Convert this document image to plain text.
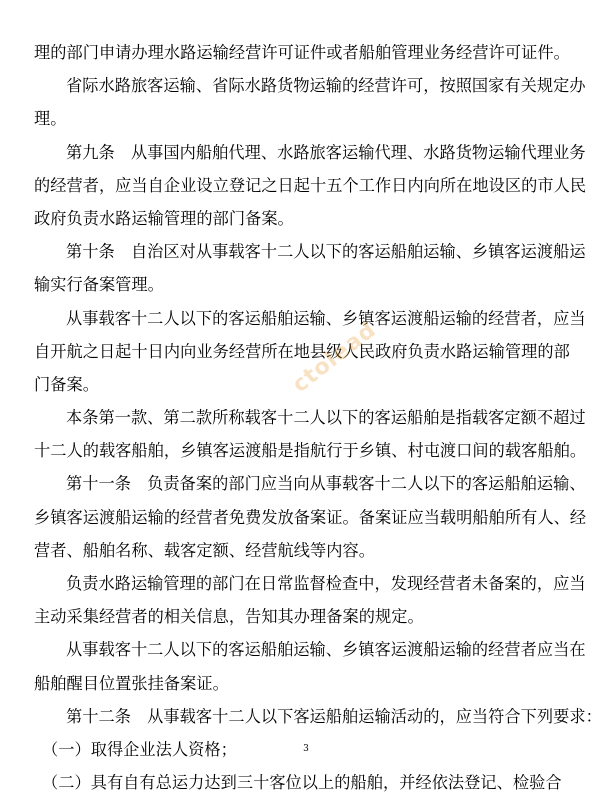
理的部门申请办理水路运输经营许可证件或者船舶管理业务经营许可证件。
省际水路旅客运输、省际水路货物运输的经营许可，按照国家有关规定办
理。
第九条　从事国内船舶代理、水路旅客运输代理、水路货物运输代理业务
的经营者，应当自企业设立登记之日起十五个工作日内向所在地设区的市人民
政府负责水路运输管理的部门备案。
第十条　自治区对从事载客十二人以下的客运船舶运输、乡镇客运渡船运
输实行备案管理。
从事载客十二人以下的客运船舶运输、乡镇客运渡船运输的经营者，应当
自开航之日起十日内向业务经营所在地县级人民政府负责水路运输管理的部
门备案。
本条第一款、第二款所称载客十二人以下的客运船舶是指载客定额不超过
十二人的载客船舶，乡镇客运渡船是指航行于乡镇、村屯渡口间的载客船舶。
第十一条　负责备案的部门应当向从事载客十二人以下的客运船舶运输、
乡镇客运渡船运输的经营者免费发放备案证。备案证应当载明船舶所有人、经
营者、船舶名称、载客定额、经营航线等内容。
负责水路运输管理的部门在日常监督检查中，发现经营者未备案的，应当
主动采集经营者的相关信息，告知其办理备案的规定。
从事载客十二人以下的客运船舶运输、乡镇客运渡船运输的经营者应当在
船舶醒目位置张挂备案证。
第十二条　从事载客十二人以下客运船舶运输活动的，应当符合下列要求：
（一）取得企业法人资格；
（二）具有自有总运力达到三十客位以上的船舶，并经依法登记、检验合
ctolead
3
